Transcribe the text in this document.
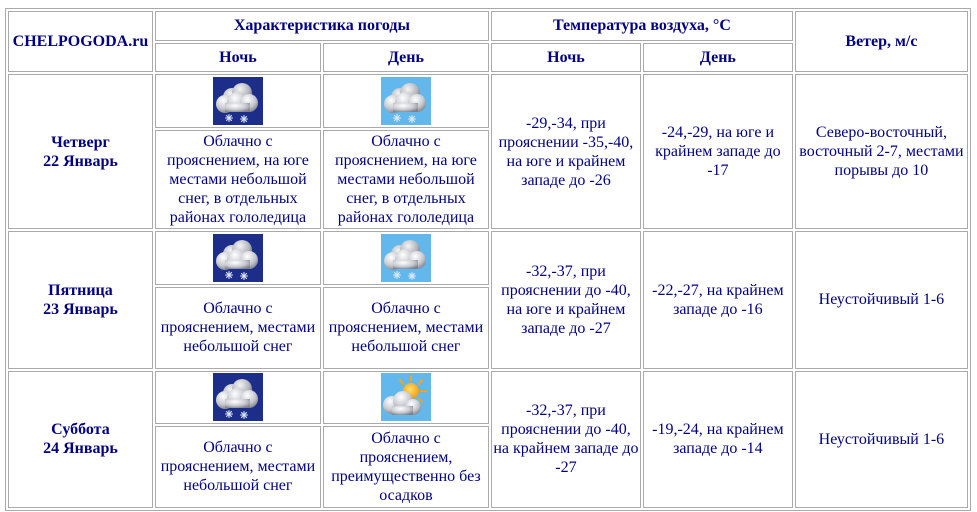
CHELPOGODA.ru	Характеристика погоды		Температура воздуха, °С		Ветер, м/с
	Ночь	День	Ночь	День	
Четверг
22 Январь			-29,-34, при прояснении -35,-40, на юге и крайнем западе до -26	-24,-29, на юге и крайнем западе до -17	Северо-восточный, восточный 2-7, местами порывы до 10
	Облачно с прояснением, на юге местами небольшой снег, в отдельных районах гололедица	Облачно с прояснением, на юге местами небольшой снег, в отдельных районах гололедица			
Пятница
23 Январь			-32,-37, при прояснении до -40, на юге и крайнем западе до -27	-22,-27, на крайнем западе до -16	Неустойчивый 1-6
	Облачно с прояснением, местами небольшой снег	Облачно с прояснением, местами небольшой снег			
Суббота
24 Январь			-32,-37, при прояснении до -40, на крайнем западе до -27	-19,-24, на крайнем западе до -14	Неустойчивый 1-6
	Облачно с прояснением, местами небольшой снег	Облачно с прояснением, преимущественно без осадков			
